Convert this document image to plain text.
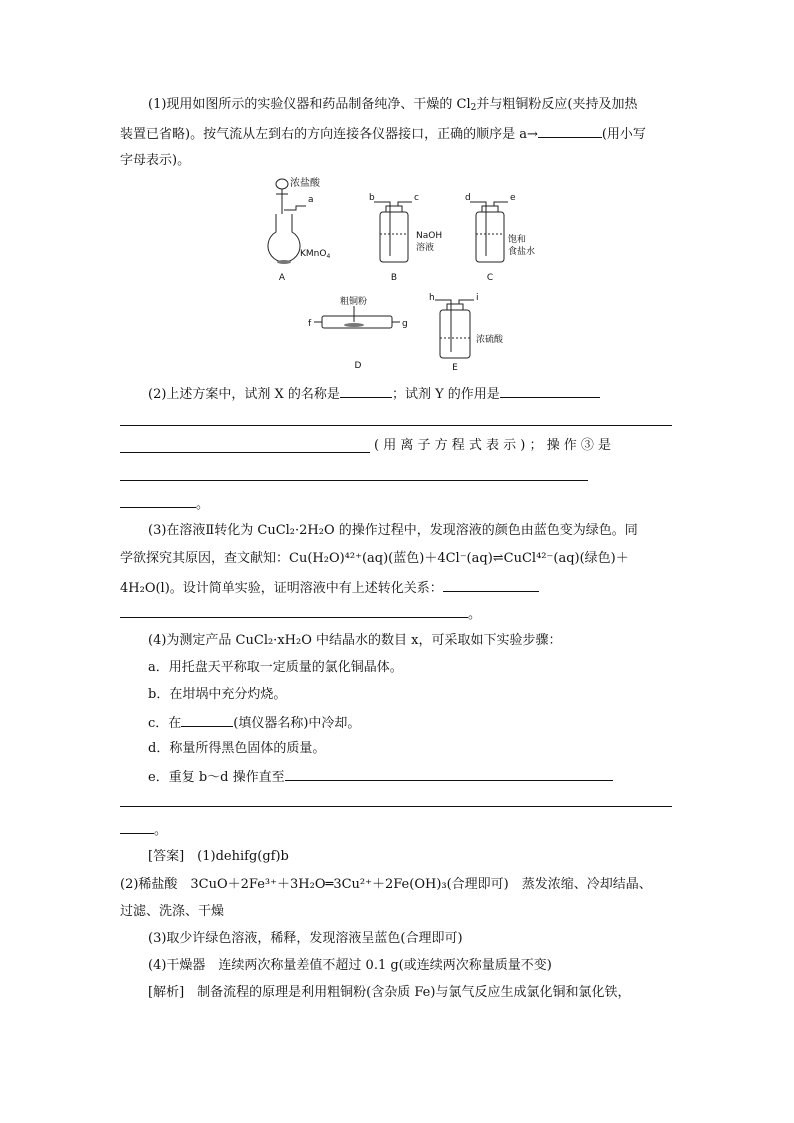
(1)现用如图所示的实验仪器和药品制备纯净、干燥的 $Cl_2$并与粗铜粉反应(夹持及加热
装置已省略)。按气流从左到右的方向连接各仪器接口，正确的顺序是 a→	(用小写
字母表示)。
浓盐酸
a
KMnO$_4$
A
b	c
NaOH
溶液
B
d	e
饱和
食盐水
C
粗铜粉
f	g
D
h	i
浓硫酸
E
(2)上述方案中，试剂 X 的名称是	；试剂 Y 的作用是
( 用 离 子 方 程 式 表 示 ) ； 操 作 ③ 是
。
(3)在溶液Ⅱ转化为 CuCl₂·2H₂O 的操作过程中，发现溶液的颜色由蓝色变为绿色。同
学欲探究其原因，查文献知：Cu(H₂O)⁴²⁺(aq)(蓝色)＋4Cl⁻(aq)⇌CuCl⁴²⁻(aq)(绿色)＋
4H₂O(l)。设计简单实验，证明溶液中有上述转化关系：
。
(4)为测定产品 CuCl₂·xH₂O 中结晶水的数目 x，可采取如下实验步骤：
a．用托盘天平称取一定质量的氯化铜晶体。
b．在坩埚中充分灼烧。
c．在	(填仪器名称)中冷却。
d．称量所得黑色固体的质量。
e．重复 b～d 操作直至
。
[答案]　 (1)dehifg(gf)b
(2)稀盐酸　3CuO＋2Fe³⁺＋3H₂O═3Cu²⁺＋2Fe(OH)₃(合理即可)　蒸发浓缩、冷却结晶、
过滤、洗涤、干燥
(3)取少许绿色溶液，稀释，发现溶液呈蓝色(合理即可)
(4)干燥器　连续两次称量差值不超过 0.1 g(或连续两次称量质量不变)
[解析]　 制备流程的原理是利用粗铜粉(含杂质 Fe)与氯气反应生成氯化铜和氯化铁，
